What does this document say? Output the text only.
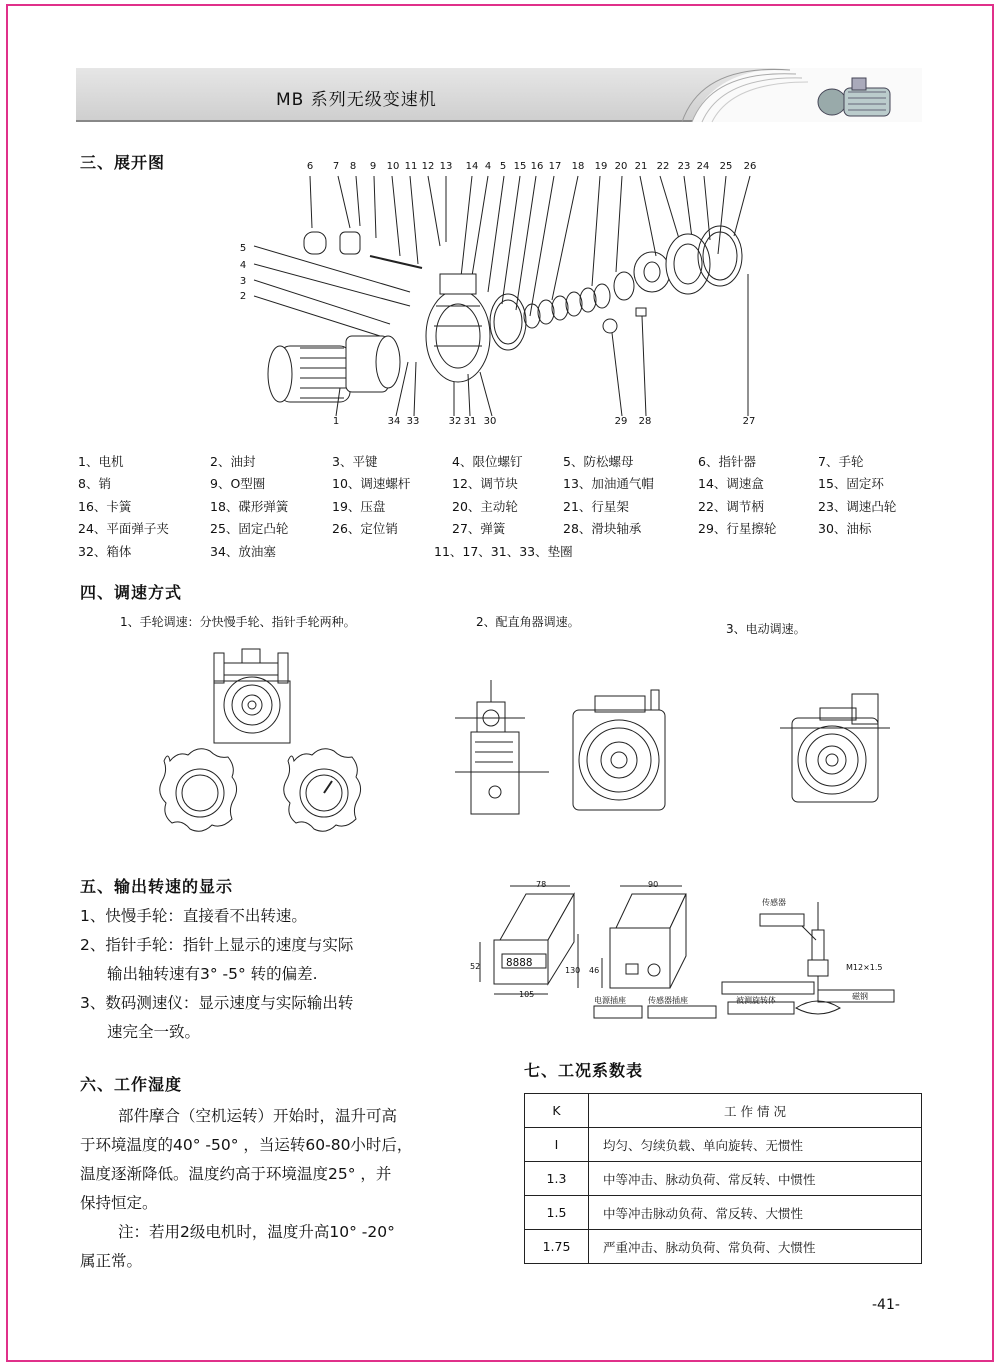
MB 系列无级变速机
三、展开图	6	7	8	9	10 11 12 13 14 4 5 15 16 17 18 19 20 21 22 23 24 25 26
5
4
3
2
1	34 33	32 31 30	29 28	27
1、电机	2、油封	3、平键	4、限位螺钉	5、防松螺母	6、指针器	7、手轮
8、销	9、O型圈	10、调速螺杆	12、调节块	13、加油通气帽	14、调速盒	15、固定环
16、卡簧	18、碟形弹簧	19、压盘	20、主动轮	21、行星架	22、调节柄	23、调速凸轮
24、平面弹子夹	25、固定凸轮	26、定位销	27、弹簧	28、滑块轴承	29、行星擦轮	30、油标
32、箱体	34、放油塞	11、17、31、33、垫圈
四、调速方式
1、手轮调速：分快慢手轮、指针手轮两种。	2、配直角器调速。	3、电动调速。
五、输出转速的显示
1、快慢手轮：直接看不出转速。
2、指针手轮：指针上显示的速度与实际
输出轴转速有3° -5° 转的偏差.
3、数码测速仪：显示速度与实际输出转
速完全一致。
78
52	130
105
90
46
电源插座	传感器插座
传感器
被测旋转体
M12×1.5
磁钢
8888
六、工作湿度
部件摩合（空机运转）开始时，温升可高
于环境温度的40° -50° ，当运转60-80小时后，
温度逐渐降低。温度约高于环境温度25° ，并
保持恒定。
注：若用2级电机时，温度升高10° -20°
属正常。
七、工况系数表
K	工 作 情 况
I	均匀、匀续负载、单向旋转、无惯性
1.3	中等冲击、脉动负荷、常反转、中惯性
1.5	中等冲击脉动负荷、常反转、大惯性
1.75	严重冲击、脉动负荷、常负荷、大惯性
-41-
